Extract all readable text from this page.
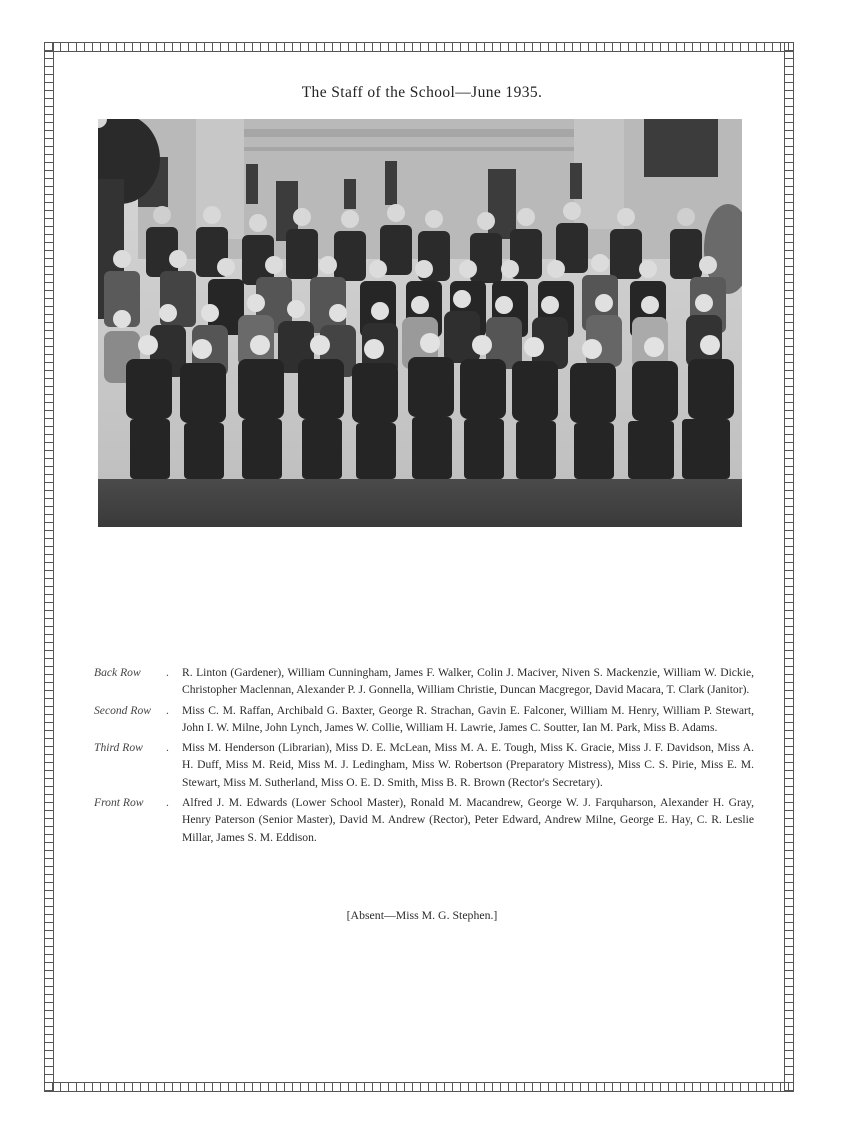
The Staff of the School—June 1935.
Back Row	.	R. Linton (Gardener), William Cunningham, James F. Walker, Colin J. Maciver, Niven S. Mackenzie, William W. Dickie, Christopher Maclennan, Alexander P. J. Gonnella, William Christie, Duncan Macgregor, David Macara, T. Clark (Janitor).
Second Row	.	Miss C. M. Raffan, Archibald G. Baxter, George R. Strachan, Gavin E. Falconer, William M. Henry, William P. Stewart, John I. W. Milne, John Lynch, James W. Collie, William H. Lawrie, James C. Soutter, Ian M. Park, Miss B. Adams.
Third Row	.	Miss M. Henderson (Librarian), Miss D. E. McLean, Miss M. A. E. Tough, Miss K. Gracie, Miss J. F. Davidson, Miss A. H. Duff, Miss M. Reid, Miss M. J. Ledingham, Miss W. Robertson (Preparatory Mistress), Miss C. S. Pirie, Miss E. M. Stewart, Miss M. Sutherland, Miss O. E. D. Smith, Miss B. R. Brown (Rector's Secretary).
Front Row	.	Alfred J. M. Edwards (Lower School Master), Ronald M. Macandrew, George W. J. Farquharson, Alexander H. Gray, Henry Paterson (Senior Master), David M. Andrew (Rector), Peter Edward, Andrew Milne, George E. Hay, C. R. Leslie Millar, James S. M. Eddison.
[Absent—Miss M. G. Stephen.]
